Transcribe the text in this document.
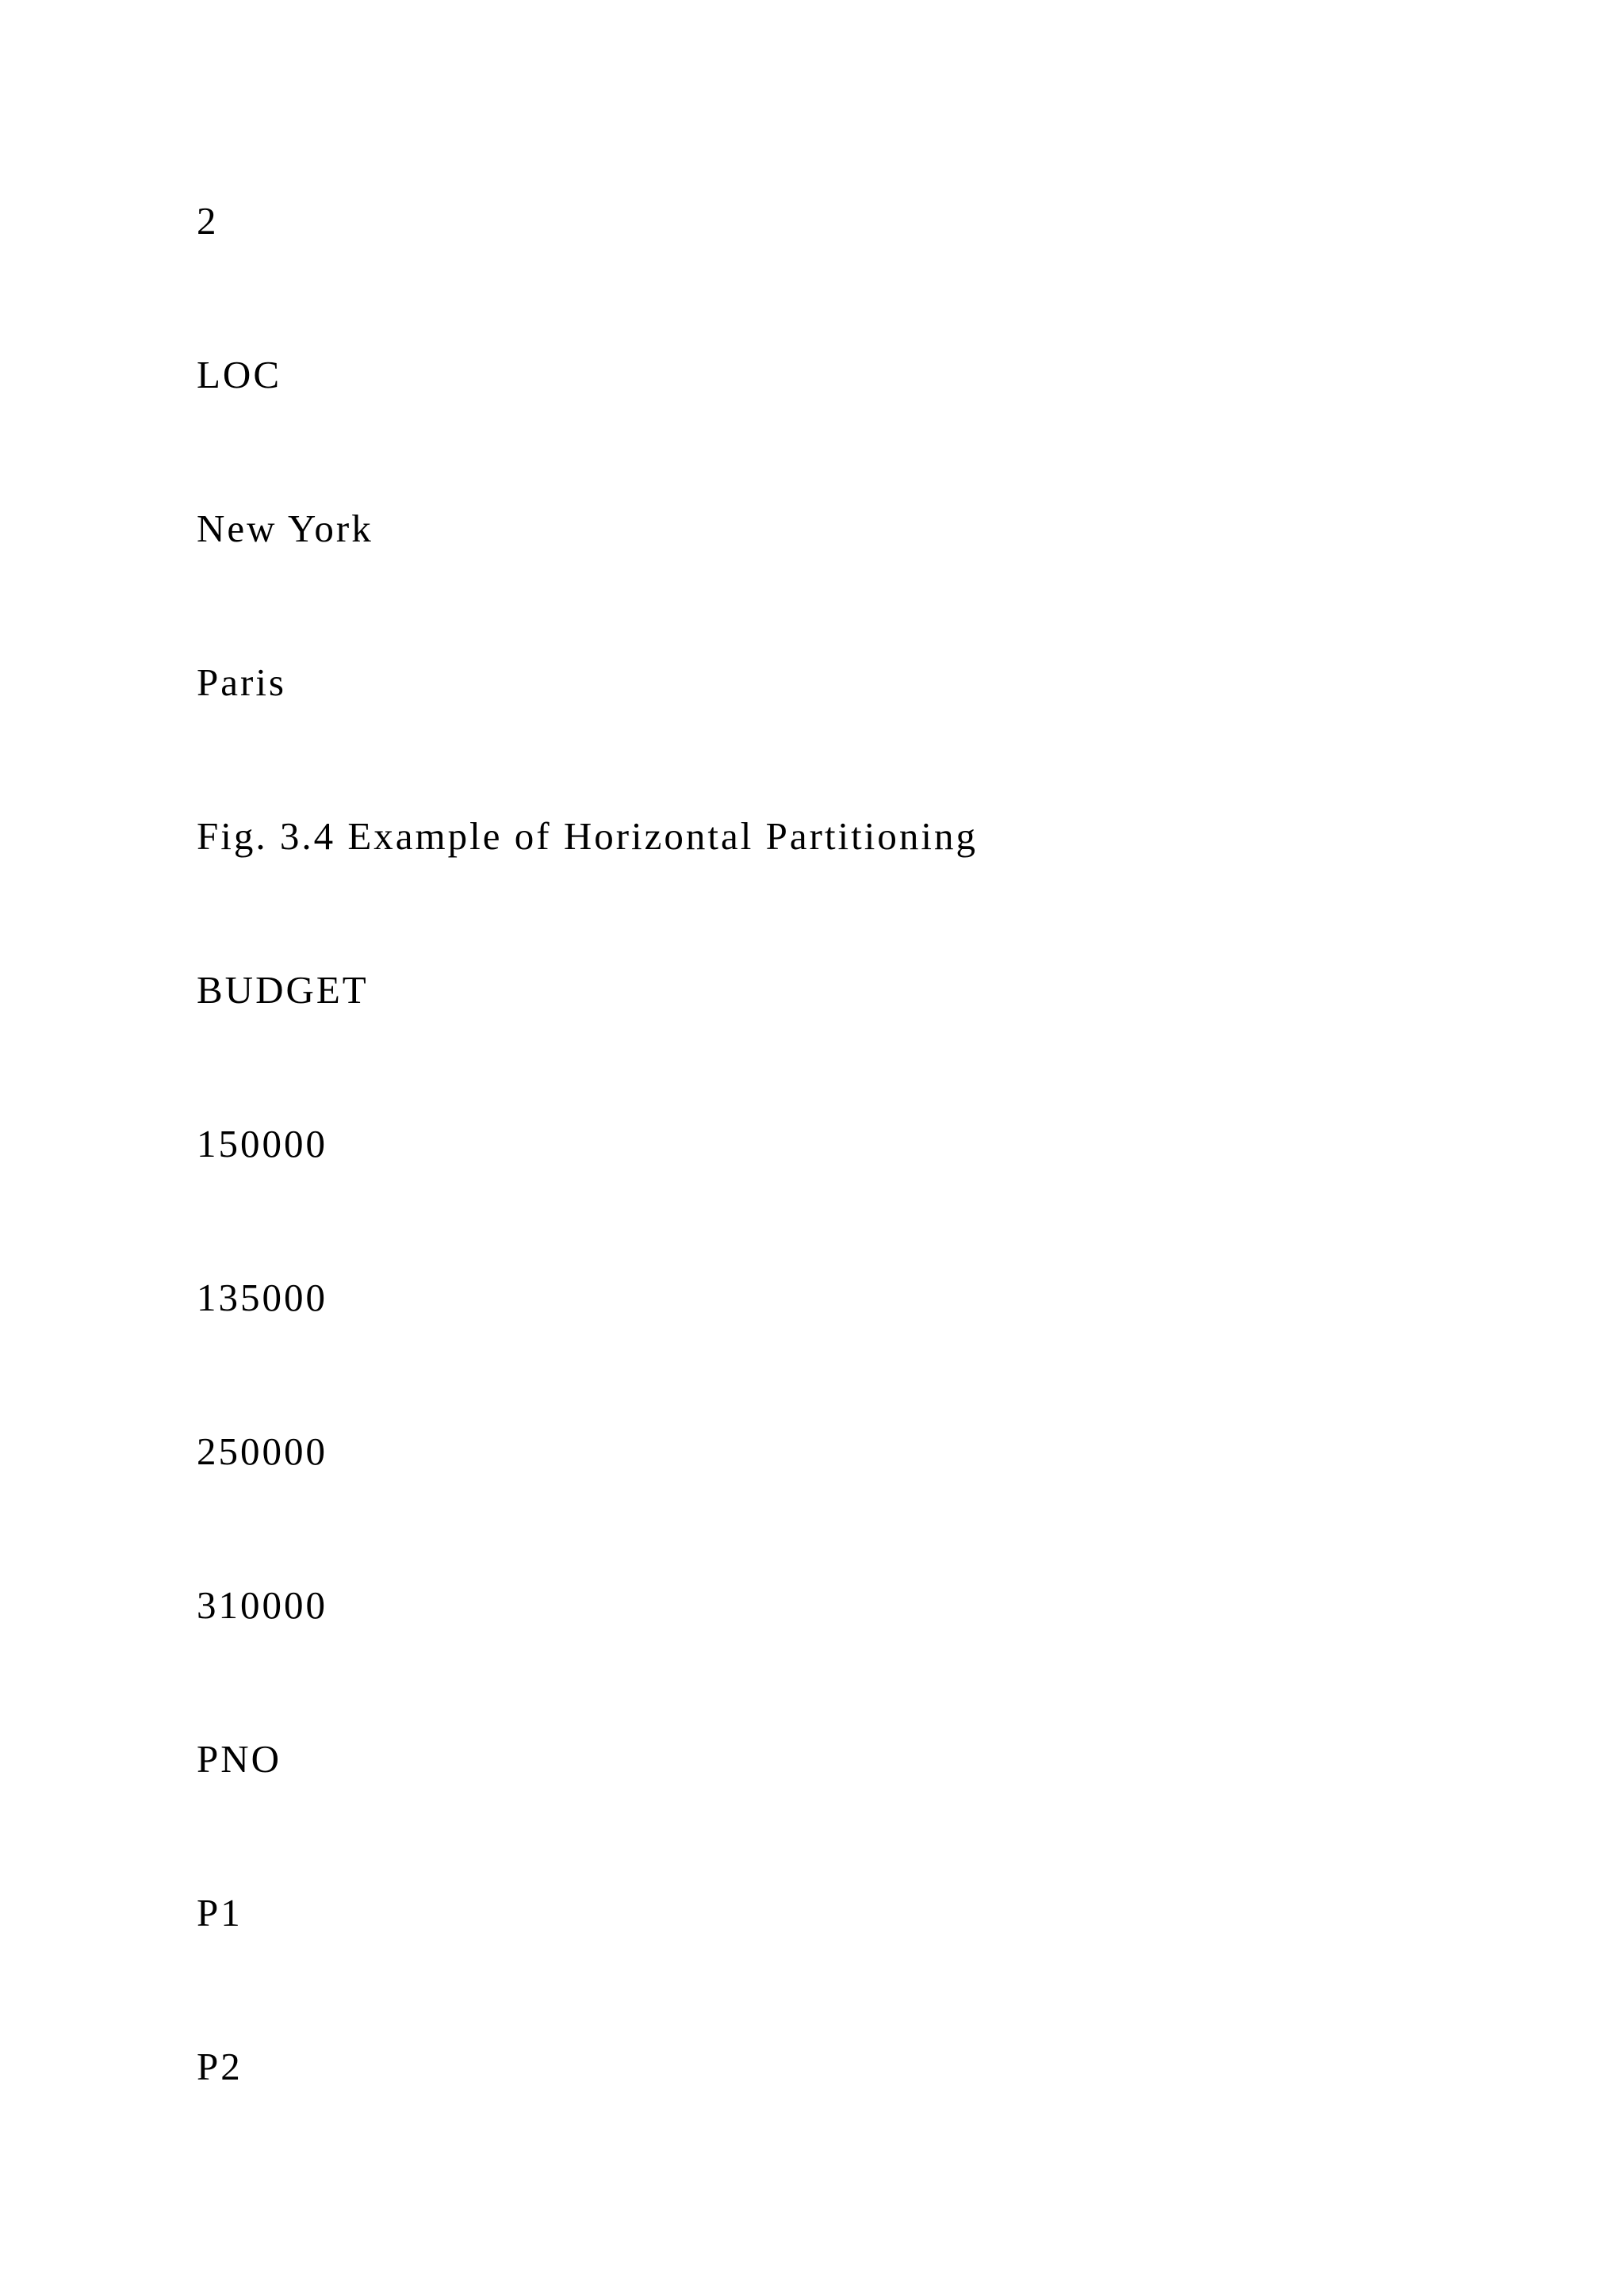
2

LOC

New York

Paris

Fig. 3.4 Example of Horizontal Partitioning

BUDGET

150000

135000

250000

310000

PNO

P1

P2
